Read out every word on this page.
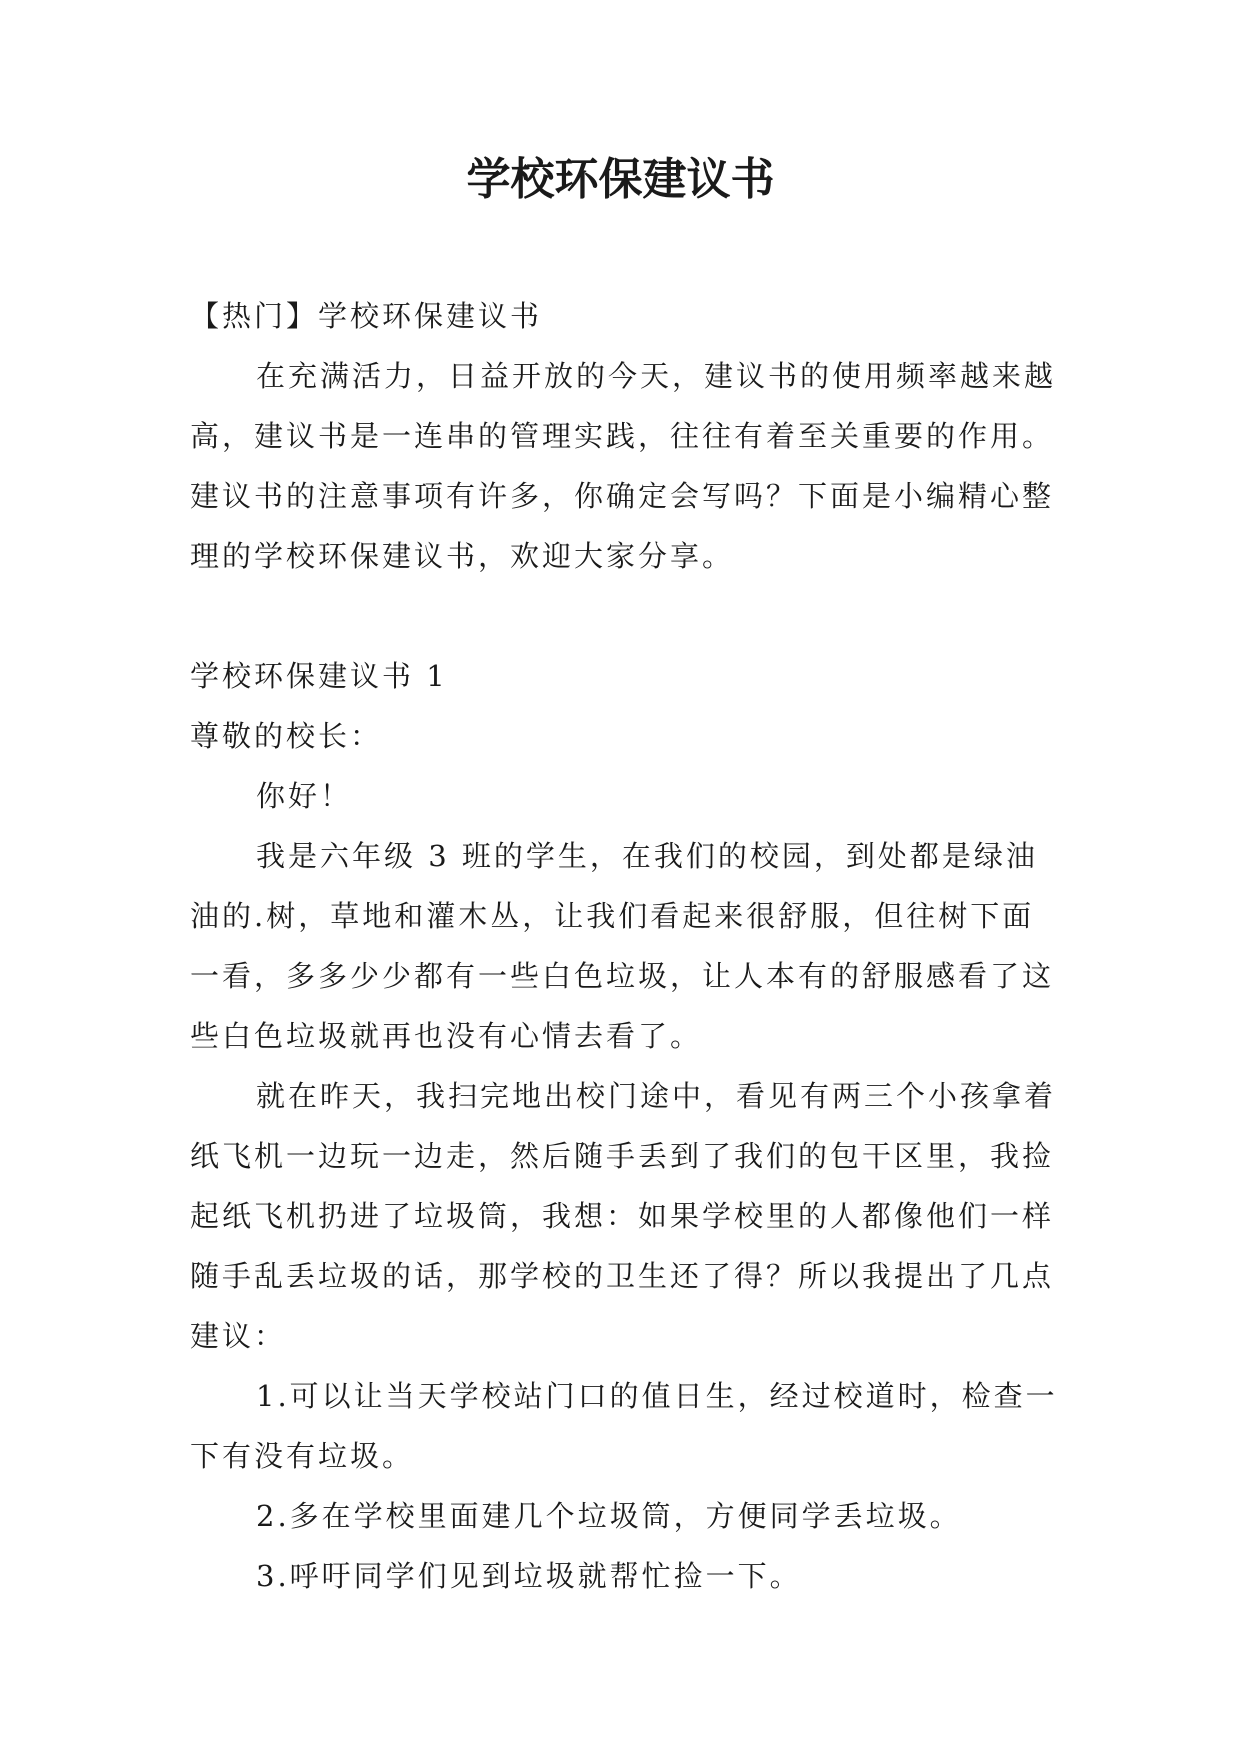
学校环保建议书

【热门】学校环保建议书

在充满活力，日益开放的今天，建议书的使用频率越来越高，建议书是一连串的管理实践，往往有着至关重要的作用。建议书的注意事项有许多，你确定会写吗？下面是小编精心整理的学校环保建议书，欢迎大家分享。

学校环保建议书 1

尊敬的校长：

你好！

我是六年级 3 班的学生，在我们的校园，到处都是绿油油的.树，草地和灌木丛，让我们看起来很舒服，但往树下面一看，多多少少都有一些白色垃圾，让人本有的舒服感看了这些白色垃圾就再也没有心情去看了。

就在昨天，我扫完地出校门途中，看见有两三个小孩拿着纸飞机一边玩一边走，然后随手丢到了我们的包干区里，我捡起纸飞机扔进了垃圾筒，我想：如果学校里的人都像他们一样随手乱丢垃圾的话，那学校的卫生还了得？所以我提出了几点建议：

1.可以让当天学校站门口的值日生，经过校道时，检查一下有没有垃圾。

2.多在学校里面建几个垃圾筒，方便同学丢垃圾。

3.呼吁同学们见到垃圾就帮忙捡一下。
